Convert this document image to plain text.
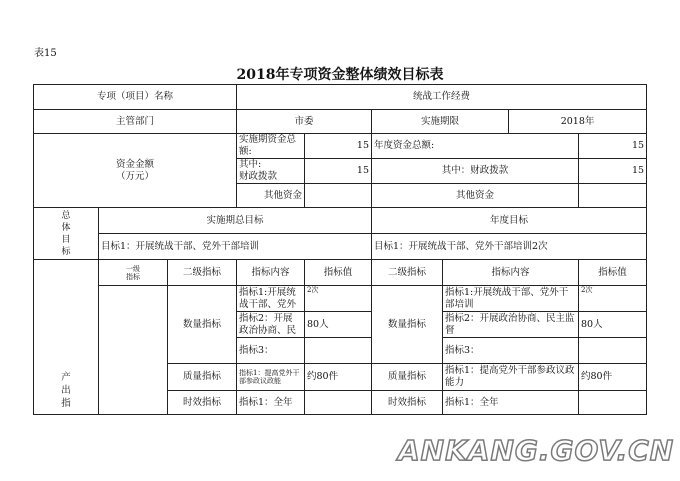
表15
2018年专项资金整体绩效目标表
专项（项目）名称			统战工作经费					
主管部门			市委		实施期限		2018年	
资金金额
（万元）			实施期资金总额:	15	年度资金总额:			15
			其中:
财政拨款	15	其中：财政拨款			15
			其他资金		其他资金			
总
体
目
标	实施期总目标				年度目标			
	目标1：开展统战干部、党外干部培训				目标1：开展统战干部、党外干部培训2次			
产
出
指	一级
指标	二级指标	指标内容	指标值	二级指标	指标内容		指标值
		数量指标	指标1:开展统战干部、党外	2次	数量指标	指标1:开展统战干部、党外干部培训		2次
			指标2：开展政治协商、民	80人		指标2：开展政治协商、民主监督		80人
			指标3：			指标3：		
		质量指标	指标1：提高党外干部参政议政能	约80件	质量指标	指标1：提高党外干部参政议政能力		约80件
		时效指标	指标1：全年		时效指标	指标1：全年		
ANKANG.GOV.CN
